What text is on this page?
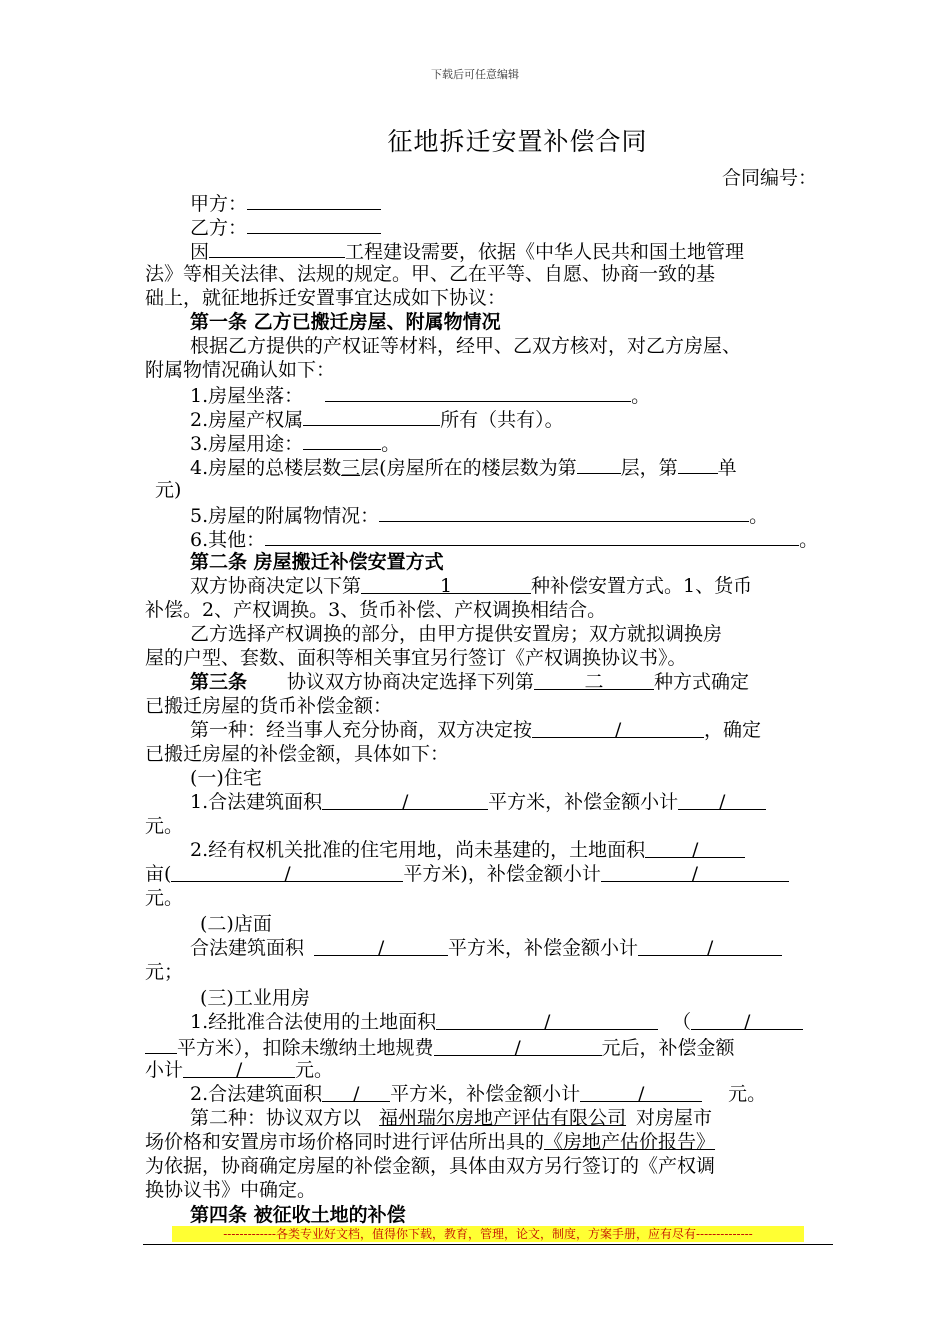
下载后可任意编辑
征地拆迁安置补偿合同
合同编号：
甲方：
乙方：
因	工程建设需要，依据《中华人民共和国土地管理
法》等相关法律、法规的规定。甲、乙在平等、自愿、协商一致的基
础上，就征地拆迁安置事宜达成如下协议：
第一条 乙方已搬迁房屋、附属物情况
根据乙方提供的产权证等材料，经甲、乙双方核对，对乙方房屋、
附属物情况确认如下：
1.房屋坐落：	。
2.房屋产权属	所有（共有）。
3.房屋用途：	。
4.房屋的总楼层数三层(房屋所在的楼层数为第 层，第 单
元)
5.房屋的附属物情况：	。
6.其他：	。
第二条 房屋搬迁补偿安置方式
双方协商决定以下第	1	种补偿安置方式。1、货币
补偿。2、产权调换。3、货币补偿、产权调换相结合。
乙方选择产权调换的部分，由甲方提供安置房；双方就拟调换房
屋的户型、套数、面积等相关事宜另行签订《产权调换协议书》。
第三条 协议双方协商决定选择下列第	二	种方式确定
已搬迁房屋的货币补偿金额：
第一种：经当事人充分协商，双方决定按	/	，确定
已搬迁房屋的补偿金额，具体如下：
(一)住宅
1.合法建筑面积	/	平方米，补偿金额小计 /
元。
2.经有权机关批准的住宅用地，尚未基建的，土地面积 /
亩(	/	平方米)，补偿金额小计	/
元。
(二)店面
合法建筑面积	/	平方米，补偿金额小计	/
元；
(三)工业用房
1.经批准合法使用的土地面积	/	（	/
平方米），扣除未缴纳土地规费	/	元后，补偿金额
小计	/	元。
2.合法建筑面积 / 平方米，补偿金额小计	/	元。
第二种：协议双方以 福州瑞尔房地产评估有限公司 对房屋市
场价格和安置房市场价格同时进行评估所出具的《房地产估价报告》
为依据，协商确定房屋的补偿金额，具体由双方另行签订的《产权调
换协议书》中确定。
第四条 被征收土地的补偿
-------------各类专业好文档，值得你下载，教育，管理，论文，制度，方案手册，应有尽有--------------
